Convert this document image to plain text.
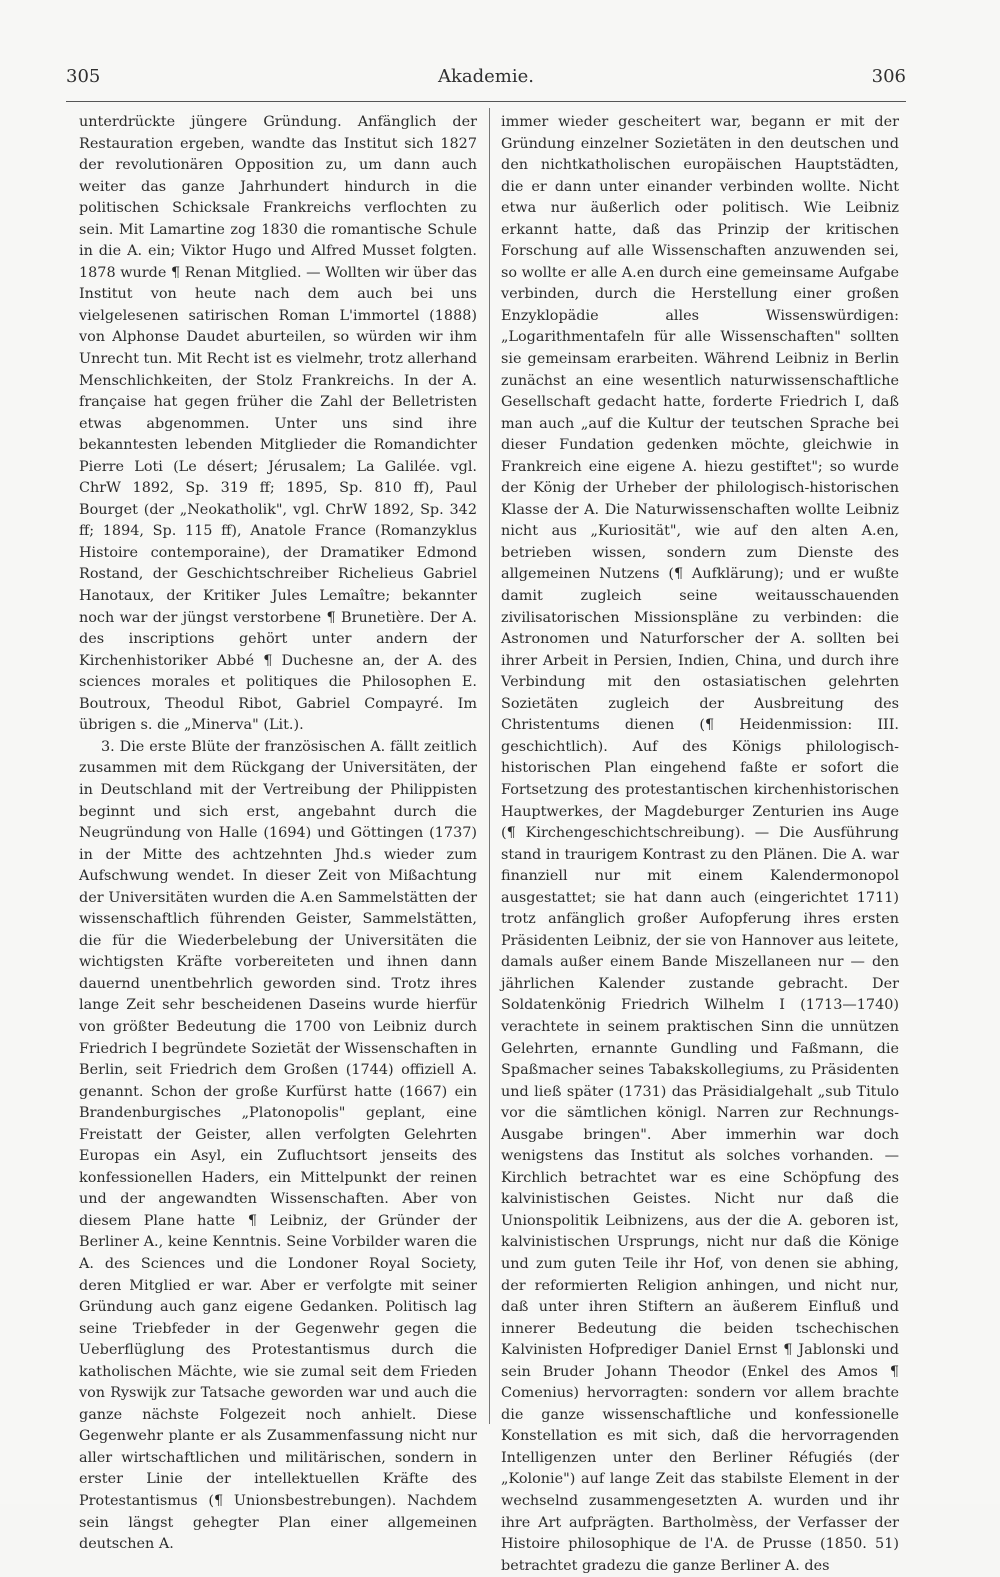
305	Akademie.	306

unterdrückte jüngere Gründung. Anfänglich der Restauration ergeben, wandte das Institut sich 1827 der revolutionären Opposition zu, um dann auch weiter das ganze Jahrhundert hindurch in die politischen Schicksale Frankreichs verflochten zu sein. Mit Lamartine zog 1830 die romantische Schule in die A. ein; Viktor Hugo und Alfred Musset folgten. 1878 wurde ¶ Renan Mitglied. — Wollten wir über das Institut von heute nach dem auch bei uns vielgelesenen satirischen Roman L'immortel (1888) von Alphonse Daudet aburteilen, so würden wir ihm Unrecht tun. Mit Recht ist es vielmehr, trotz allerhand Menschlichkeiten, der Stolz Frankreichs. In der A. française hat gegen früher die Zahl der Belletristen etwas abgenommen. Unter uns sind ihre bekanntesten lebenden Mitglieder die Romandichter Pierre Loti (Le désert; Jérusalem; La Galilée. vgl. ChrW 1892, Sp. 319 ff; 1895, Sp. 810 ff), Paul Bourget (der „Neokatholik", vgl. ChrW 1892, Sp. 342 ff; 1894, Sp. 115 ff), Anatole France (Romanzyklus Histoire contemporaine), der Dramatiker Edmond Rostand, der Geschichtschreiber Richelieus Gabriel Hanotaux, der Kritiker Jules Lemaître; bekannter noch war der jüngst verstorbene ¶ Brunetière. Der A. des inscriptions gehört unter andern der Kirchenhistoriker Abbé ¶ Duchesne an, der A. des sciences morales et politiques die Philosophen E. Boutroux, Theodul Ribot, Gabriel Compayré. Im übrigen s. die „Minerva" (Lit.).

3. Die erste Blüte der französischen A. fällt zeitlich zusammen mit dem Rückgang der Universitäten, der in Deutschland mit der Vertreibung der Philippisten beginnt und sich erst, angebahnt durch die Neugründung von Halle (1694) und Göttingen (1737) in der Mitte des achtzehnten Jhd.s wieder zum Aufschwung wendet. In dieser Zeit von Mißachtung der Universitäten wurden die A.en Sammelstätten der wissenschaftlich führenden Geister, Sammelstätten, die für die Wiederbelebung der Universitäten die wichtigsten Kräfte vorbereiteten und ihnen dann dauernd unentbehrlich geworden sind. Trotz ihres lange Zeit sehr bescheidenen Daseins wurde hierfür von größter Bedeutung die 1700 von Leibniz durch Friedrich I begründete Sozietät der Wissenschaften in Berlin, seit Friedrich dem Großen (1744) offiziell A. genannt. Schon der große Kurfürst hatte (1667) ein Brandenburgisches „Platonopolis" geplant, eine Freistatt der Geister, allen verfolgten Gelehrten Europas ein Asyl, ein Zufluchtsort jenseits des konfessionellen Haders, ein Mittelpunkt der reinen und der angewandten Wissenschaften. Aber von diesem Plane hatte ¶ Leibniz, der Gründer der Berliner A., keine Kenntnis. Seine Vorbilder waren die A. des Sciences und die Londoner Royal Society, deren Mitglied er war. Aber er verfolgte mit seiner Gründung auch ganz eigene Gedanken. Politisch lag seine Triebfeder in der Gegenwehr gegen die Ueberflüglung des Protestantismus durch die katholischen Mächte, wie sie zumal seit dem Frieden von Ryswijk zur Tatsache geworden war und auch die ganze nächste Folgezeit noch anhielt. Diese Gegenwehr plante er als Zusammenfassung nicht nur aller wirtschaftlichen und militärischen, sondern in erster Linie der intellektuellen Kräfte des Protestantismus (¶ Unionsbestrebungen). Nachdem sein längst gehegter Plan einer allgemeinen deutschen A.

immer wieder gescheitert war, begann er mit der Gründung einzelner Sozietäten in den deutschen und den nichtkatholischen europäischen Hauptstädten, die er dann unter einander verbinden wollte. Nicht etwa nur äußerlich oder politisch. Wie Leibniz erkannt hatte, daß das Prinzip der kritischen Forschung auf alle Wissenschaften anzuwenden sei, so wollte er alle A.en durch eine gemeinsame Aufgabe verbinden, durch die Herstellung einer großen Enzyklopädie alles Wissenswürdigen: „Logarithmentafeln für alle Wissenschaften" sollten sie gemeinsam erarbeiten. Während Leibniz in Berlin zunächst an eine wesentlich naturwissenschaftliche Gesellschaft gedacht hatte, forderte Friedrich I, daß man auch „auf die Kultur der teutschen Sprache bei dieser Fundation gedenken möchte, gleichwie in Frankreich eine eigene A. hiezu gestiftet"; so wurde der König der Urheber der philologisch-historischen Klasse der A. Die Naturwissenschaften wollte Leibniz nicht aus „Kuriosität", wie auf den alten A.en, betrieben wissen, sondern zum Dienste des allgemeinen Nutzens (¶ Aufklärung); und er wußte damit zugleich seine weitausschauenden zivilisatorischen Missionspläne zu verbinden: die Astronomen und Naturforscher der A. sollten bei ihrer Arbeit in Persien, Indien, China, und durch ihre Verbindung mit den ostasiatischen gelehrten Sozietäten zugleich der Ausbreitung des Christentums dienen (¶ Heidenmission: III. geschichtlich). Auf des Königs philologisch-historischen Plan eingehend faßte er sofort die Fortsetzung des protestantischen kirchenhistorischen Hauptwerkes, der Magdeburger Zenturien ins Auge (¶ Kirchengeschichtschreibung). — Die Ausführung stand in traurigem Kontrast zu den Plänen. Die A. war finanziell nur mit einem Kalendermonopol ausgestattet; sie hat dann auch (eingerichtet 1711) trotz anfänglich großer Aufopferung ihres ersten Präsidenten Leibniz, der sie von Hannover aus leitete, damals außer einem Bande Miszellaneen nur — den jährlichen Kalender zustande gebracht. Der Soldatenkönig Friedrich Wilhelm I (1713—1740) verachtete in seinem praktischen Sinn die unnützen Gelehrten, ernannte Gundling und Faßmann, die Spaßmacher seines Tabakskollegiums, zu Präsidenten und ließ später (1731) das Präsidialgehalt „sub Titulo vor die sämtlichen königl. Narren zur Rechnungs-Ausgabe bringen". Aber immerhin war doch wenigstens das Institut als solches vorhanden. — Kirchlich betrachtet war es eine Schöpfung des kalvinistischen Geistes. Nicht nur daß die Unionspolitik Leibnizens, aus der die A. geboren ist, kalvinistischen Ursprungs, nicht nur daß die Könige und zum guten Teile ihr Hof, von denen sie abhing, der reformierten Religion anhingen, und nicht nur, daß unter ihren Stiftern an äußerem Einfluß und innerer Bedeutung die beiden tschechischen Kalvinisten Hofprediger Daniel Ernst ¶ Jablonski und sein Bruder Johann Theodor (Enkel des Amos ¶ Comenius) hervorragten: sondern vor allem brachte die ganze wissenschaftliche und konfessionelle Konstellation es mit sich, daß die hervorragenden Intelligenzen unter den Berliner Réfugiés (der „Kolonie") auf lange Zeit das stabilste Element in der wechselnd zusammengesetzten A. wurden und ihr ihre Art aufprägten. Bartholmèss, der Verfasser der Histoire philosophique de l'A. de Prusse (1850. 51) betrachtet gradezu die ganze Berliner A. des
